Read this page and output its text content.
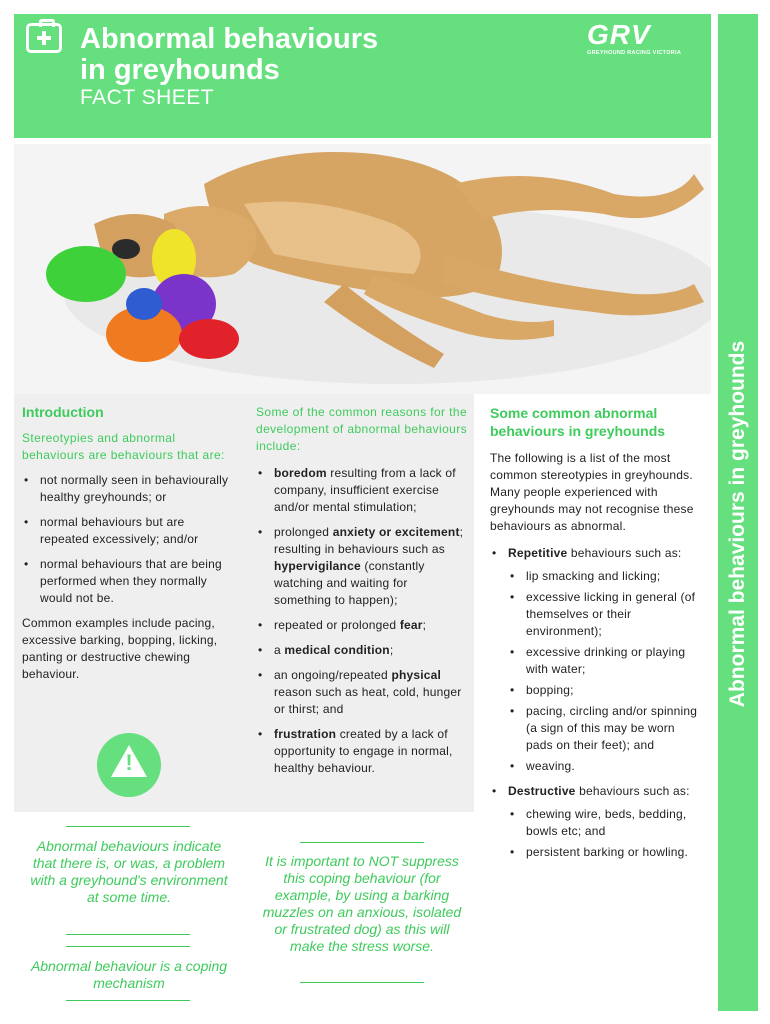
Abnormal behaviours
in greyhounds
FACT SHEET
GRV
GREYHOUND RACING VICTORIA
Abnormal behaviours in greyhounds
Introduction
Stereotypies and abnormal behaviours are behaviours that are:
• not normally seen in behaviourally healthy greyhounds; or
• normal behaviours but are repeated excessively; and/or
• normal behaviours that are being performed when they normally would not be.
Common examples include pacing, excessive barking, bopping, licking, panting or destructive chewing behaviour.
!
Some of the common reasons for the development of abnormal behaviours include:
• boredom resulting from a lack of company, insufficient exercise and/or mental stimulation;
• prolonged anxiety or excitement; resulting in behaviours such as hypervigilance (constantly watching and waiting for something to happen);
• repeated or prolonged fear;
• a medical condition;
• an ongoing/repeated physical reason such as heat, cold, hunger or thirst; and
• frustration created by a lack of opportunity to engage in normal, healthy behaviour.
Some common abnormal behaviours in greyhounds
The following is a list of the most common stereotypies in greyhounds. Many people experienced with greyhounds may not recognise these behaviours as abnormal.
• Repetitive behaviours such as:
• lip smacking and licking;
• excessive licking in general (of themselves or their environment);
• excessive drinking or playing with water;
• bopping;
• pacing, circling and/or spinning (a sign of this may be worn pads on their feet); and
• weaving.
• Destructive behaviours such as:
• chewing wire, beds, bedding, bowls etc; and
• persistent barking or howling.
Abnormal behaviours indicate that there is, or was, a problem with a greyhound's environment at some time.
Abnormal behaviour is a coping mechanism
It is important to NOT suppress this coping behaviour (for example, by using a barking muzzles on an anxious, isolated or frustrated dog) as this will make the stress worse.
